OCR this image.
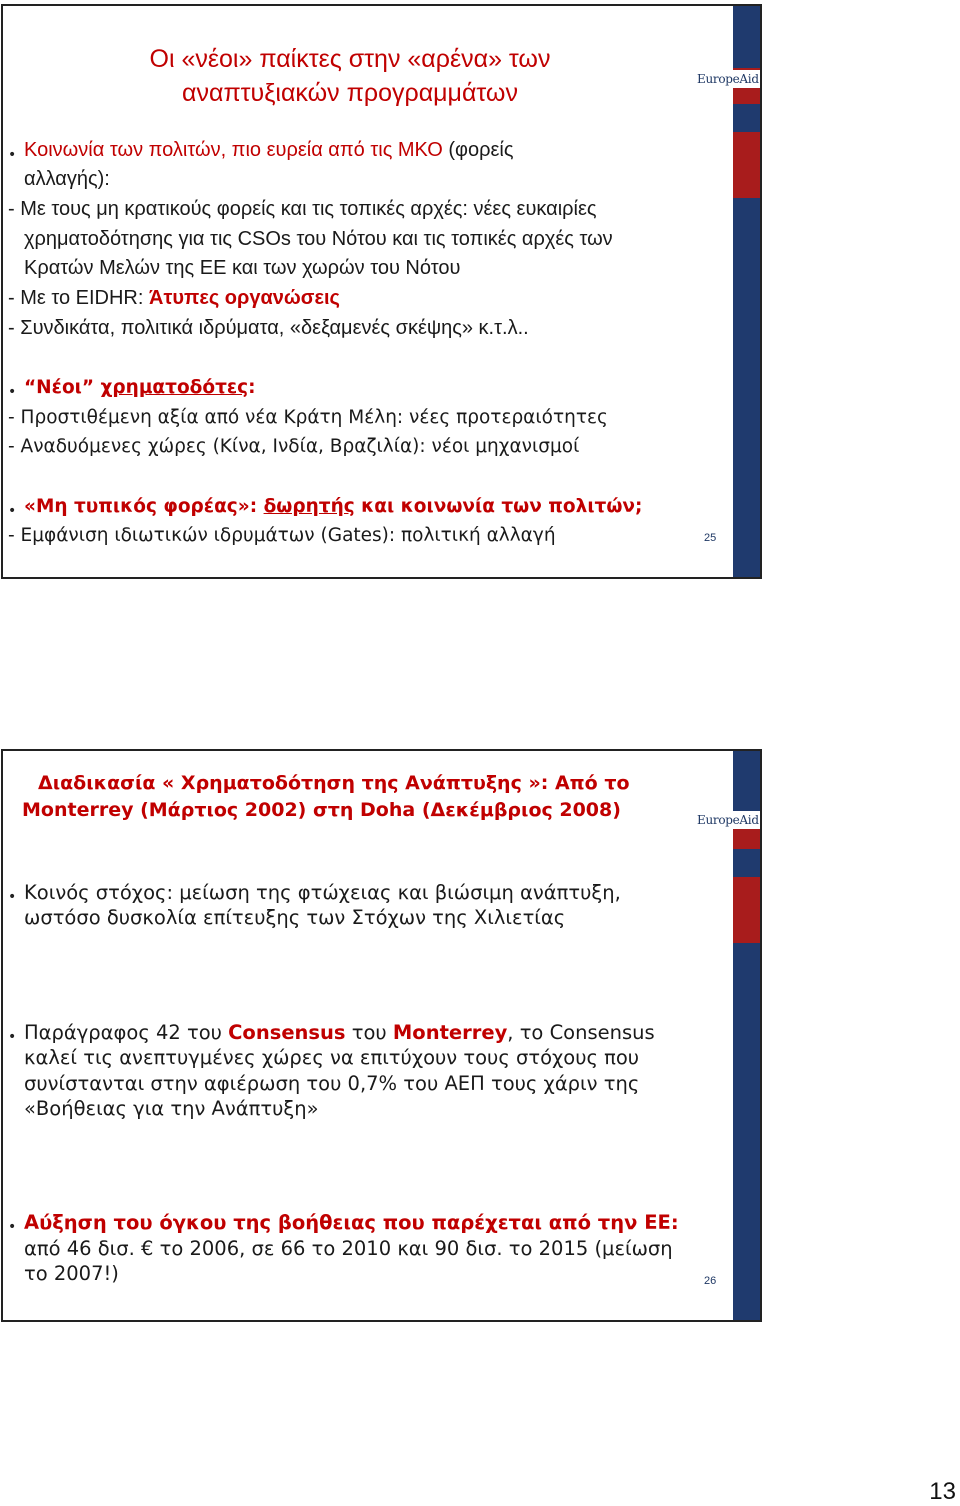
EuropeAid
Οι «νέοι» παίκτες στην «αρένα» των
αναπτυξιακών προγραμμάτων
• Κοινωνία των πολιτών, πιο ευρεία από τις ΜΚΟ (φορείς
αλλαγής):
- Με τους μη κρατικούς φορείς και τις τοπικές αρχές: νέες ευκαιρίες
χρηματοδότησης για τις CSOs του Νότου και τις τοπικές αρχές των
Κρατών Μελών της ΕΕ και των χωρών του Νότου
- Με το EIDHR: Άτυπες οργανώσεις
- Συνδικάτα, πολιτικά ιδρύματα, «δεξαμενές σκέψης» κ.τ.λ..
• “Νέοι” χρηματοδότες:
- Προστιθέμενη αξία από νέα Κράτη Μέλη: νέες προτεραιότητες
- Αναδυόμενες χώρες (Κίνα, Ινδία, Βραζιλία): νέοι μηχανισμοί
• «Μη τυπικός φορέας»: δωρητής και κοινωνία των πολιτών;
- Εμφάνιση ιδιωτικών ιδρυμάτων (Gates): πολιτική αλλαγή	25
EuropeAid
Διαδικασία « Χρηματοδότηση της Ανάπτυξης »: Από το
Monterrey (Μάρτιος 2002) στη Doha (Δεκέμβριος 2008)
• Κοινός στόχος: μείωση της φτώχειας και βιώσιμη ανάπτυξη,
ωστόσο δυσκολία επίτευξης των Στόχων της Χιλιετίας
• Παράγραφος 42 του Consensus του Monterrey, το Consensus
καλεί τις ανεπτυγμένες χώρες να επιτύχουν τους στόχους που
συνίστανται στην αφιέρωση του 0,7% του ΑΕΠ τους χάριν της
«Βοήθειας για την Ανάπτυξη»
• Αύξηση του όγκου της βοήθειας που παρέχεται από την ΕΕ:
από 46 δισ. € το 2006, σε 66 το 2010 και 90 δισ. το 2015 (μείωση
το 2007!)	26
13
